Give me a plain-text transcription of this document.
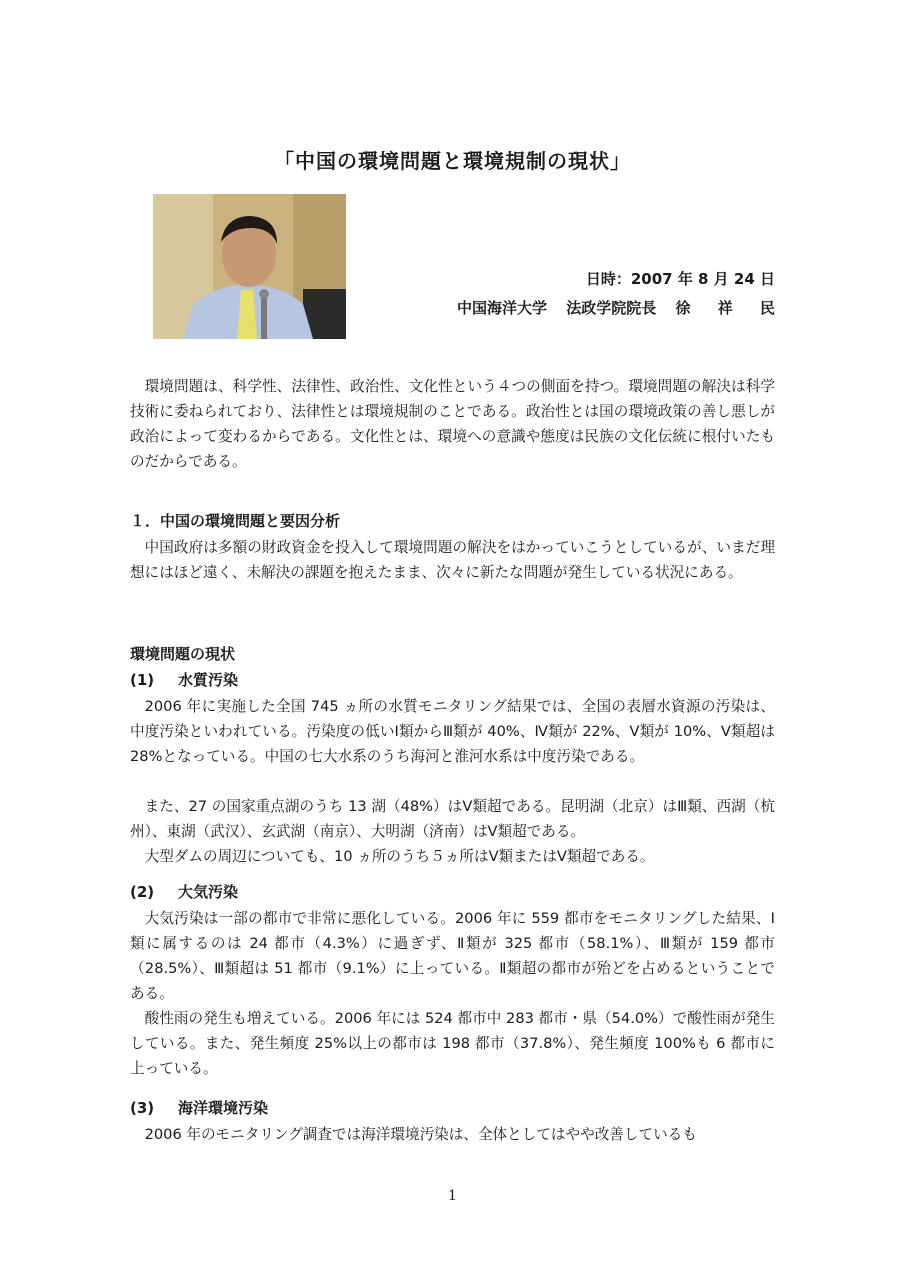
「中国の環境問題と環境規制の現状」
日時：2007 年 8 月 24 日
中国海洋大学 法政学院院長 徐 祥 民

環境問題は、科学性、法律性、政治性、文化性という４つの側面を持つ。環境問題の解決は科学技術に委ねられており、法律性とは環境規制のことである。政治性とは国の環境政策の善し悪しが政治によって変わるからである。文化性とは、環境への意識や態度は民族の文化伝統に根付いたものだからである。

１．中国の環境問題と要因分析

中国政府は多額の財政資金を投入して環境問題の解決をはかっていこうとしているが、いまだ理想にはほど遠く、未解決の課題を抱えたまま、次々に新たな問題が発生している状況にある。

環境問題の現状
(1) 水質汚染

2006 年に実施した全国 745 ヵ所の水質モニタリング結果では、全国の表層水資源の汚染は、中度汚染といわれている。汚染度の低いⅠ類からⅢ類が 40%、Ⅳ類が 22%、Ⅴ類が 10%、Ⅴ類超は 28%となっている。中国の七大水系のうち海河と淮河水系は中度汚染である。

また、27 の国家重点湖のうち 13 湖（48%）はⅤ類超である。昆明湖（北京）はⅢ類、西湖（杭州）、東湖（武汉）、玄武湖（南京）、大明湖（済南）はⅤ類超である。

大型ダムの周辺についても、10 ヵ所のうち５ヵ所はⅤ類またはⅤ類超である。

(2) 大気汚染

大気汚染は一部の都市で非常に悪化している。2006 年に 559 都市をモニタリングした結果、Ⅰ類に属するのは 24 都市（4.3%）に過ぎず、Ⅱ類が 325 都市（58.1%）、Ⅲ類が 159 都市（28.5%）、Ⅲ類超は 51 都市（9.1%）に上っている。Ⅱ類超の都市が殆どを占めるということである。

酸性雨の発生も増えている。2006 年には 524 都市中 283 都市・県（54.0%）で酸性雨が発生している。また、発生頻度 25%以上の都市は 198 都市（37.8%）、発生頻度 100%も 6 都市に上っている。

(3) 海洋環境汚染

2006 年のモニタリング調査では海洋環境汚染は、全体としてはやや改善しているも

1
